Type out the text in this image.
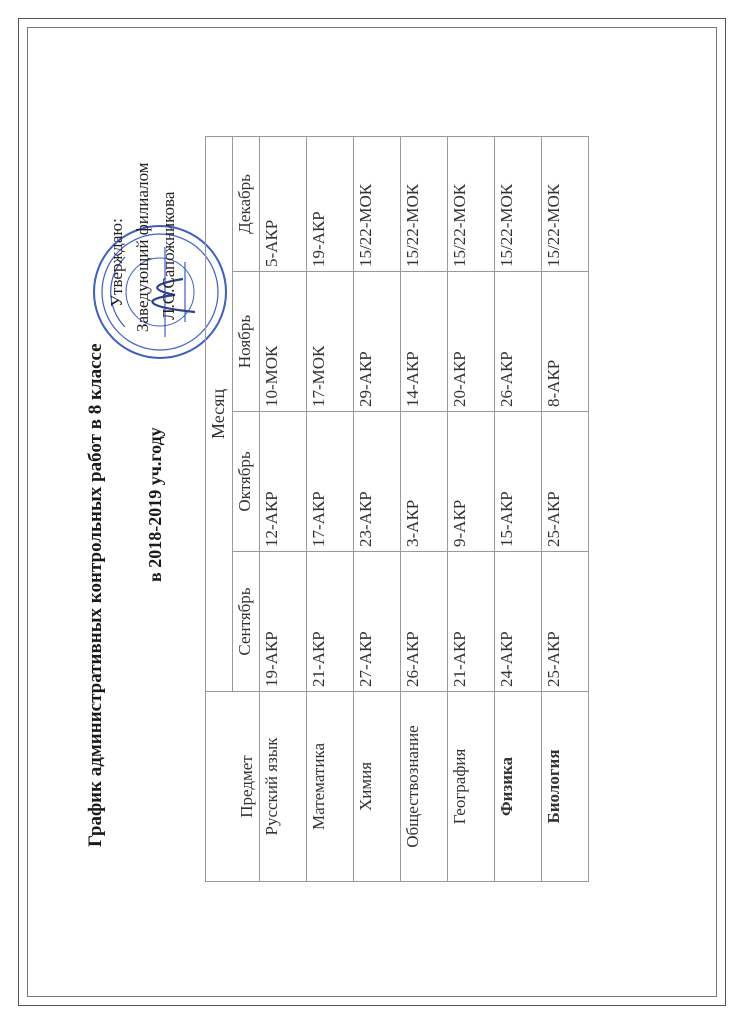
График административных контрольных работ в 8 классе в 2018-2019 уч.году
Утверждаю: Заведующий филиалом Л.С.Сапожникова
Предмет	Месяц			
	Сентябрь	Октябрь	Ноябрь	Декабрь
Русский язык	19-АКР	12-АКР	10-МОК	5-АКР
Математика	21-АКР	17-АКР	17-МОК	19-АКР
Химия	27-АКР	23-АКР	29-АКР	15/22-МОК
Обществознание	26-АКР	3-АКР	14-АКР	15/22-МОК
География	21-АКР	9-АКР	20-АКР	15/22-МОК
Физика	24-АКР	15-АКР	26-АКР	15/22-МОК
Биология	25-АКР	25-АКР	8-АКР	15/22-МОК
